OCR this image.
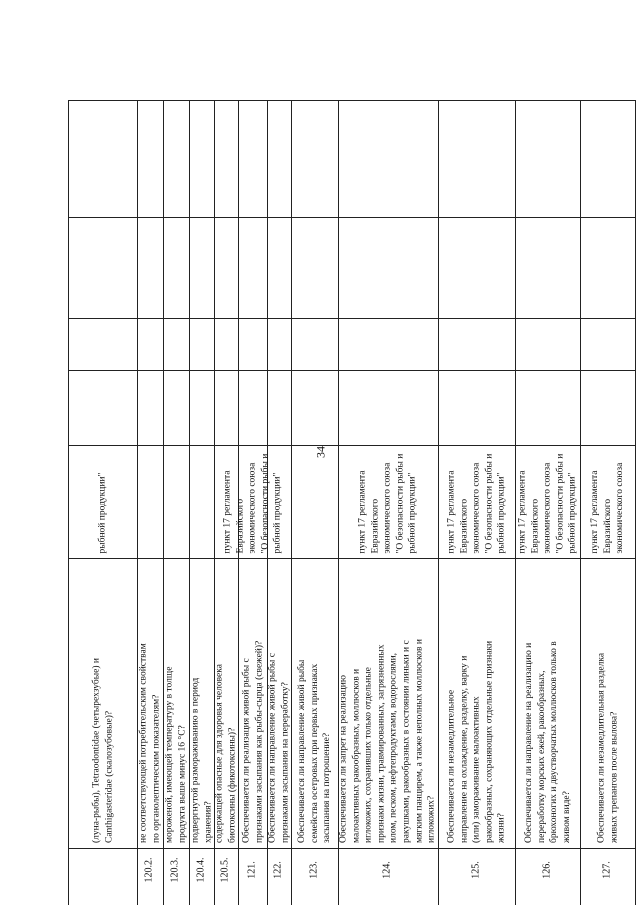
34
(луна-рыбы), Tetraodontidae (четырехзубые) и Canthigasteridae (скалозубовые)?
рыбной продукции"
120.2.
не соответствующей потребительским свойствам по органолептическим показателям?
120.3.
мороженой, имеющей температуру в толще продукта выше минус 16 °С?
120.4.
подвергнутой размораживанию в период хранения?
120.5.
содержащей опасные для здоровья человека биотоксины (фикотоксины)?
121.
Обеспечивается ли реализация живой рыбы с признаками засыпания как рыбы-сырца (свежей)?
пункт 17 регламента Евразийского экономического союза "О безопасности рыбы и рыбной продукции"
122.
Обеспечивается ли направление живой рыбы с признаками засыпания на переработку?
123.
Обеспечивается ли направление живой рыбы семейства осетровых при первых признаках засыпания на потрошение?
124.
Обеспечивается ли запрет на реализацию малоактивных ракообразных, моллюсков и иглокожих, сохранивших только отдельные признаки жизни, травмированных, загрязненных илом, песком, нефтепродуктами, водорослями, ракушками, ракообразных в состоянии линьки и с мягким панцирем, а также неполных моллюсков и иглокожих?
пункт 17 регламента Евразийского экономического союза "О безопасности рыбы и рыбной продукции"
125.
Обеспечивается ли незамедлительное направление на охлаждение, разделку, варку и (или) замораживание малоактивных ракообразных, сохраняющих отдельные признаки жизни?
пункт 17 регламента Евразийского экономического союза "О безопасности рыбы и рыбной продукции"
126.
Обеспечивается ли направление на реализацию и переработку морских ежей, ракообразных, брюхоногих и двустворчатых моллюсков только в живом виде?
пункт 17 регламента Евразийского экономического союза "О безопасности рыбы и рыбной продукции"
127.
Обеспечивается ли незамедлительная разделка живых трепангов после вылова?
пункт 17 регламента Евразийского экономического союза
